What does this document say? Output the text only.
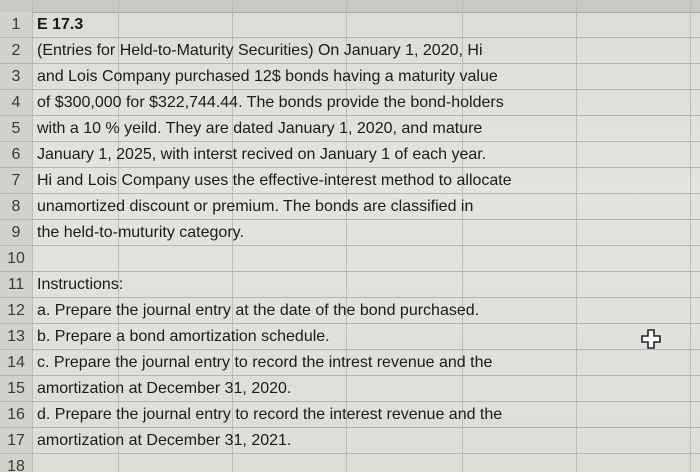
1	E 17.3
2	(Entries for Held-to-Maturity Securities) On January 1, 2020, Hi
3	and Lois Company purchased 12$ bonds having a maturity value
4	of $300,000 for $322,744.44. The bonds provide the bond-holders
5	with a 10 % yeild. They are dated January 1, 2020, and mature
6	January 1, 2025, with interst recived on January 1 of each year.
7	Hi and Lois Company uses the effective-interest method to allocate
8	unamortized discount or premium. The bonds are classified in
9	the held-to-muturity category.
10
11 Instructions:
12 a. Prepare the journal entry at the date of the bond purchased.
13 b. Prepare a bond amortization schedule.
14 c. Prepare the journal entry to record the intrest revenue and the
15 amortization at December 31, 2020.
16 d. Prepare the journal entry to record the interest revenue and the
17 amortization at December 31, 2021.
18
